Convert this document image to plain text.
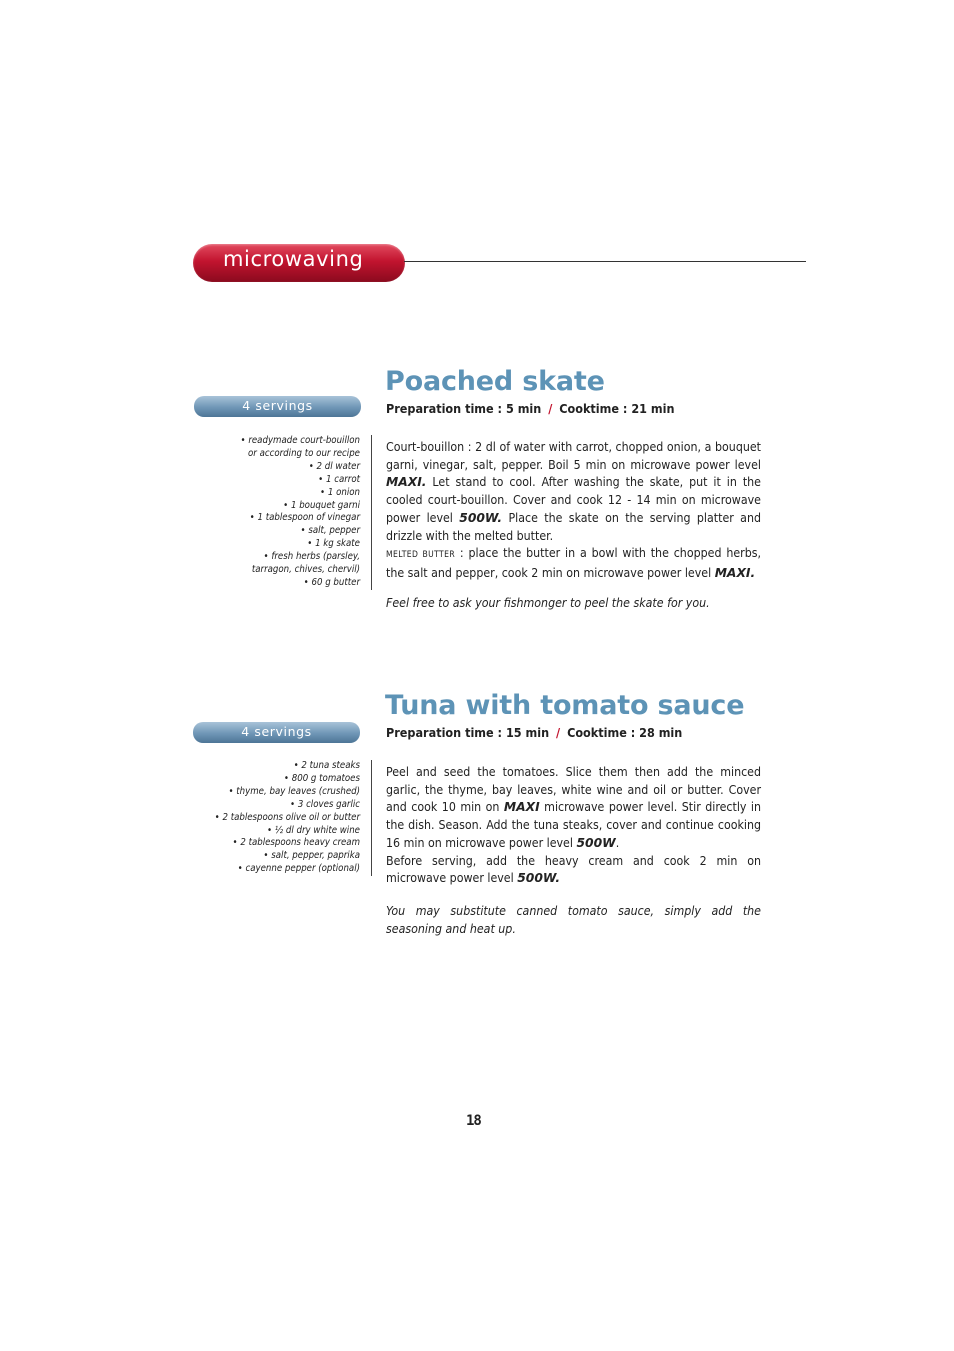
microwaving
4 servings
• readymade court-bouillon
or according to our recipe
• 2 dl water
• 1 carrot
• 1 onion
• 1 bouquet garni
• 1 tablespoon of vinegar
• salt, pepper
• 1 kg skate
• fresh herbs (parsley,
tarragon, chives, chervil)
• 60 g butter
Poached skate
Preparation time : 5 min / Cooktime : 21 min

Court-bouillon : 2 dl of water with carrot, chopped onion, a bouquet garni, vinegar, salt, pepper. Boil 5 min on microwave power level MAXI. Let stand to cool. After washing the skate, put it in the cooled court-bouillon. Cover and cook 12 - 14 min on microwave power level 500W. Place the skate on the serving platter and drizzle with the melted butter.

MELTED BUTTER : place the butter in a bowl with the chopped herbs, the salt and pepper, cook 2 min on microwave power level MAXI.

Feel free to ask your fishmonger to peel the skate for you.
4 servings
• 2 tuna steaks
• 800 g tomatoes
• thyme, bay leaves (crushed)
• 3 cloves garlic
• 2 tablespoons olive oil or butter
• ½ dl dry white wine
• 2 tablespoons heavy cream
• salt, pepper, paprika
• cayenne pepper (optional)
Tuna with tomato sauce
Preparation time : 15 min / Cooktime : 28 min

Peel and seed the tomatoes. Slice them then add the minced garlic, the thyme, bay leaves, white wine and oil or butter. Cover and cook 10 min on MAXI microwave power level. Stir directly in the dish. Season. Add the tuna steaks, cover and continue cooking 16 min on microwave power level 500W.

Before serving, add the heavy cream and cook 2 min on microwave power level 500W.

You may substitute canned tomato sauce, simply add the seasoning and heat up.
18
